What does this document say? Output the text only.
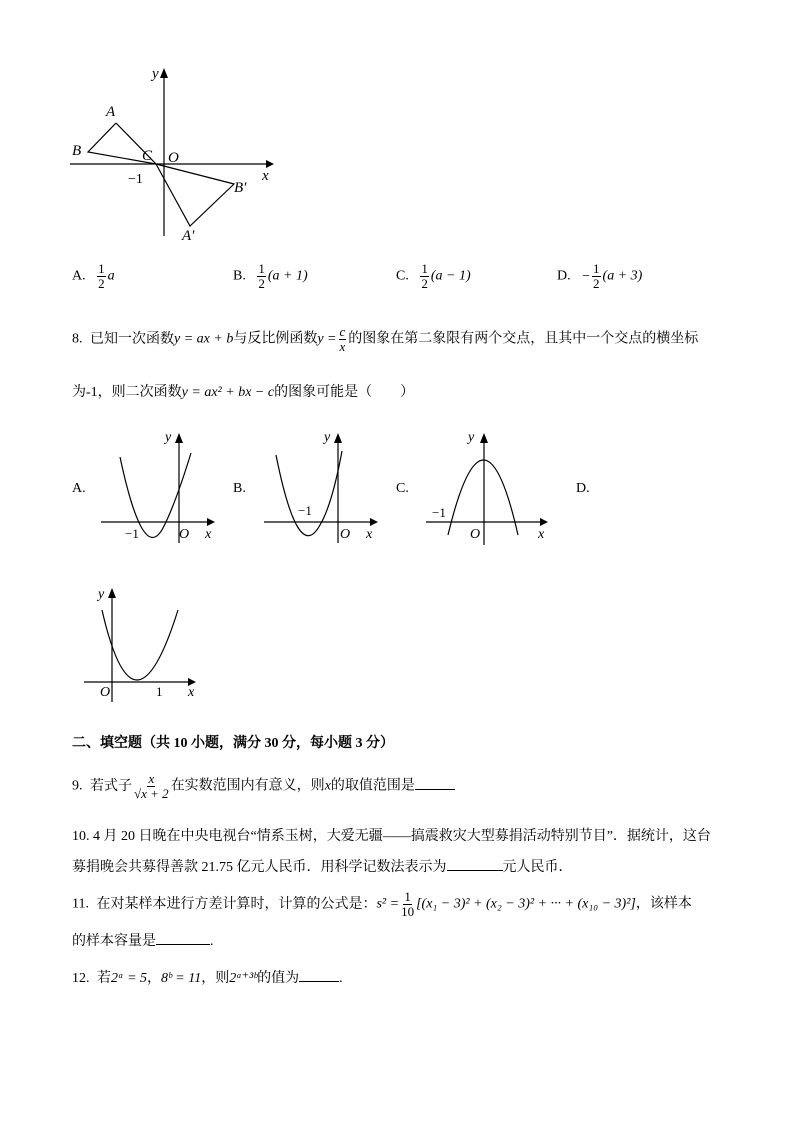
y
x
A
B	C O
−1
B′
A′
A. $\frac{1}{2}$ a	B. $\frac{1}{2} (a + 1)$	C. $\frac{1}{2} (a - 1)$	D. − $\frac{1}{2} (a + 3)$
8. 已知一次函数y = ax + b与反比例函数$y = \frac{c}{x}$ 的图象在第二象限有两个交点，且其中一个交点的横坐标
为-1，则二次函数y = ax² + bx − c的图象可能是（　　）
A.	B.	C.	D.
y
x
O
−1
y
x
O
−1
y
x
O
−1
y
x
O	1
二、填空题（共 10 小题，满分 30 分，每小题 3 分）
9. 若式子 $\frac{x}{√x + 2}$ 在实数范围内有意义，则x的取值范围是
10. 4 月 20 日晚在中央电视台“情系玉树，大爱无疆——搞震救灾大型募捐活动特别节目”．据统计，这台
募捐晚会共募得善款 21.75 亿元人民币．用科学记数法表示为	元人民币．
11. 在对某样本进行方差计算时，计算的公式是：$s^2 = \frac{1}{10} [(x_1 - 3)^2 + (x_2 - 3)^2$ + ··· + (x₁₀ − 3)²]，该样本
的样本容量是	.
12. 若2ᵃ = 5，8ᵇ = 11，则2ᵃ⁺³ᵇ的值为	.
